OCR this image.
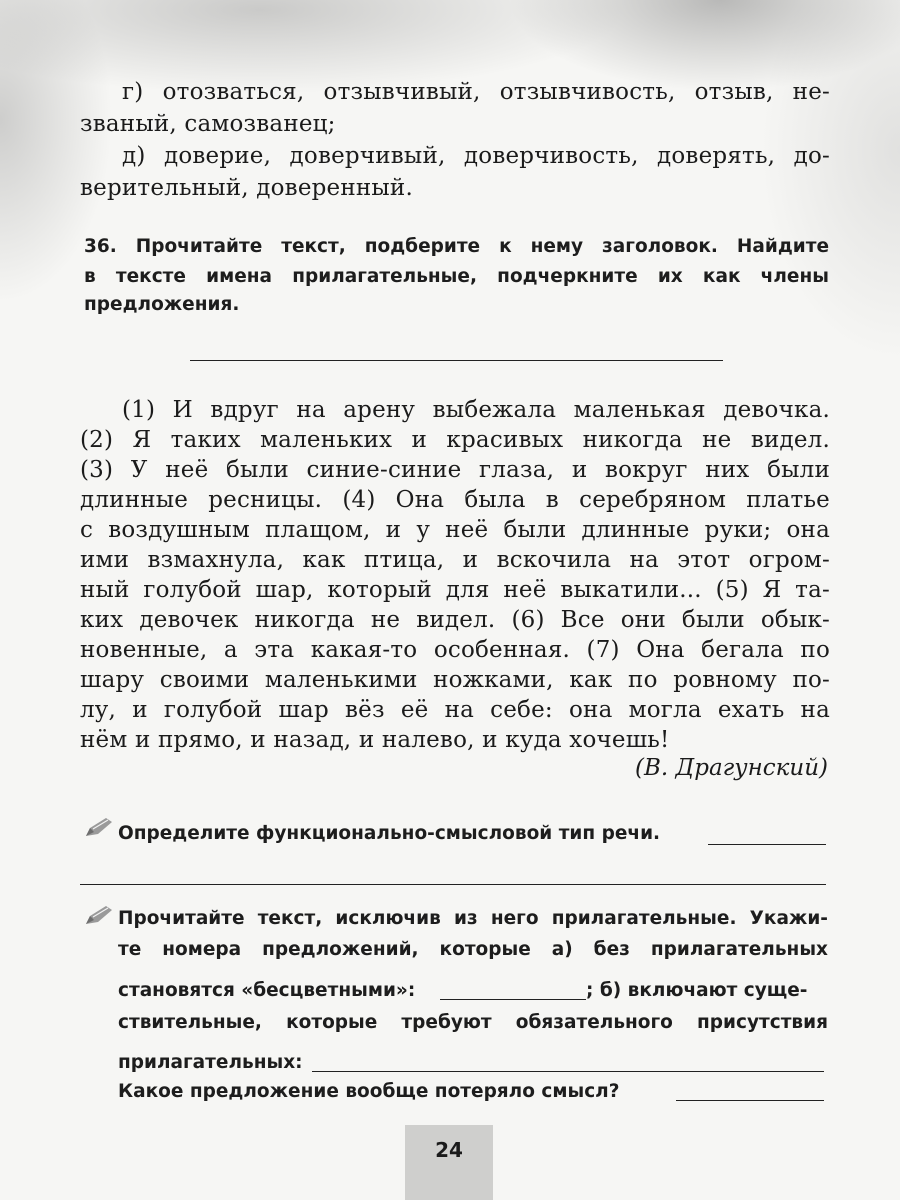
г) отозваться, отзывчивый, отзывчивость, отзыв, не-
званый, самозванец;
д) доверие, доверчивый, доверчивость, доверять, до-
верительный, доверенный.
36. Прочитайте текст, подберите к нему заголовок. Найдите
в тексте имена прилагательные, подчеркните их как члены
предложения.
(1) И вдруг на арену выбежала маленькая девочка.
(2) Я таких маленьких и красивых никогда не видел.
(3) У неё были синие-синие глаза, и вокруг них были
длинные ресницы. (4) Она была в серебряном платье
с воздушным плащом, и у неё были длинные руки; она
ими взмахнула, как птица, и вскочила на этот огром-
ный голубой шар, который для неё выкатили... (5) Я та-
ких девочек никогда не видел. (6) Все они были обык-
новенные, а эта какая-то особенная. (7) Она бегала по
шару своими маленькими ножками, как по ровному по-
лу, и голубой шар вёз её на себе: она могла ехать на
нём и прямо, и назад, и налево, и куда хочешь!
(В. Драгунский)
Определите функционально-смысловой тип речи.
Прочитайте текст, исключив из него прилагательные. Укажи-
те номера предложений, которые а) без прилагательных
становятся «бесцветными»:	; б) включают суще-
ствительные, которые требуют обязательного присутствия
прилагательных:
Какое предложение вообще потеряло смысл?
24
